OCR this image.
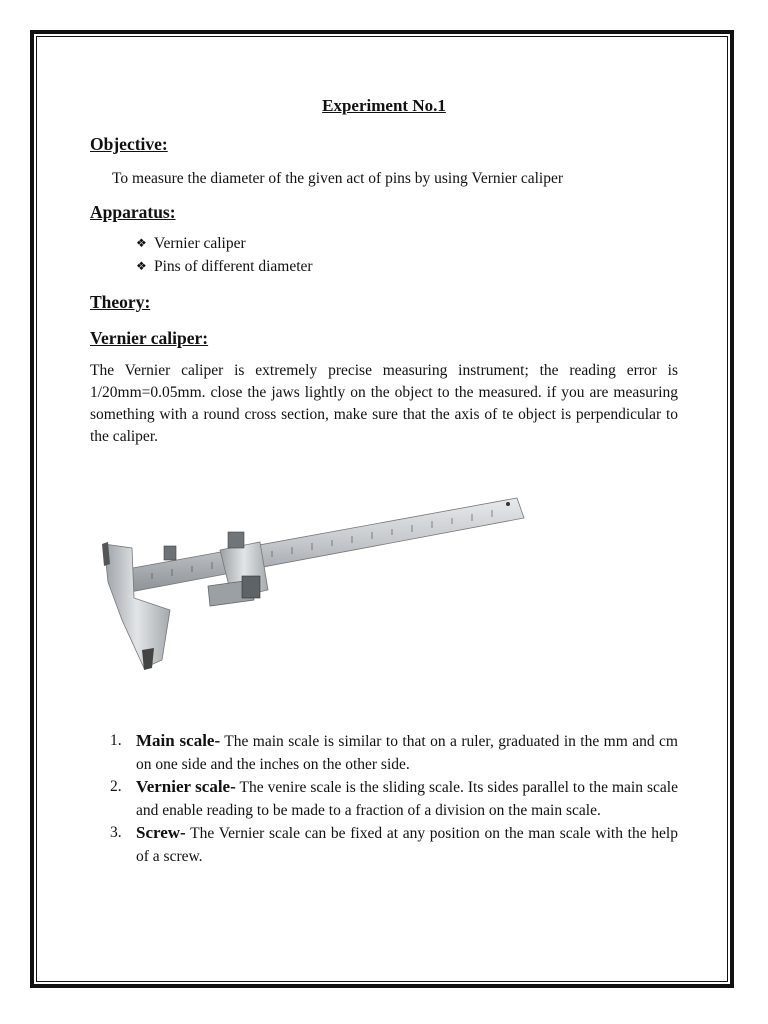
Experiment No.1
Objective:
To measure the diameter of the given act of pins by using Vernier caliper
Apparatus:
❖ Vernier caliper
❖ Pins of different diameter
Theory:
Vernier caliper:
The Vernier caliper is extremely precise measuring instrument; the reading error is 1/20mm=0.05mm. close the jaws lightly on the object to the measured. if you are measuring something with a round cross section, make sure that the axis of te object is perpendicular to the caliper.
1. Main scale- The main scale is similar to that on a ruler, graduated in the mm and cm on one side and the inches on the other side.
2. Vernier scale- The venire scale is the sliding scale. Its sides parallel to the main scale and enable reading to be made to a fraction of a division on the main scale.
3. Screw- The Vernier scale can be fixed at any position on the man scale with the help of a screw.
